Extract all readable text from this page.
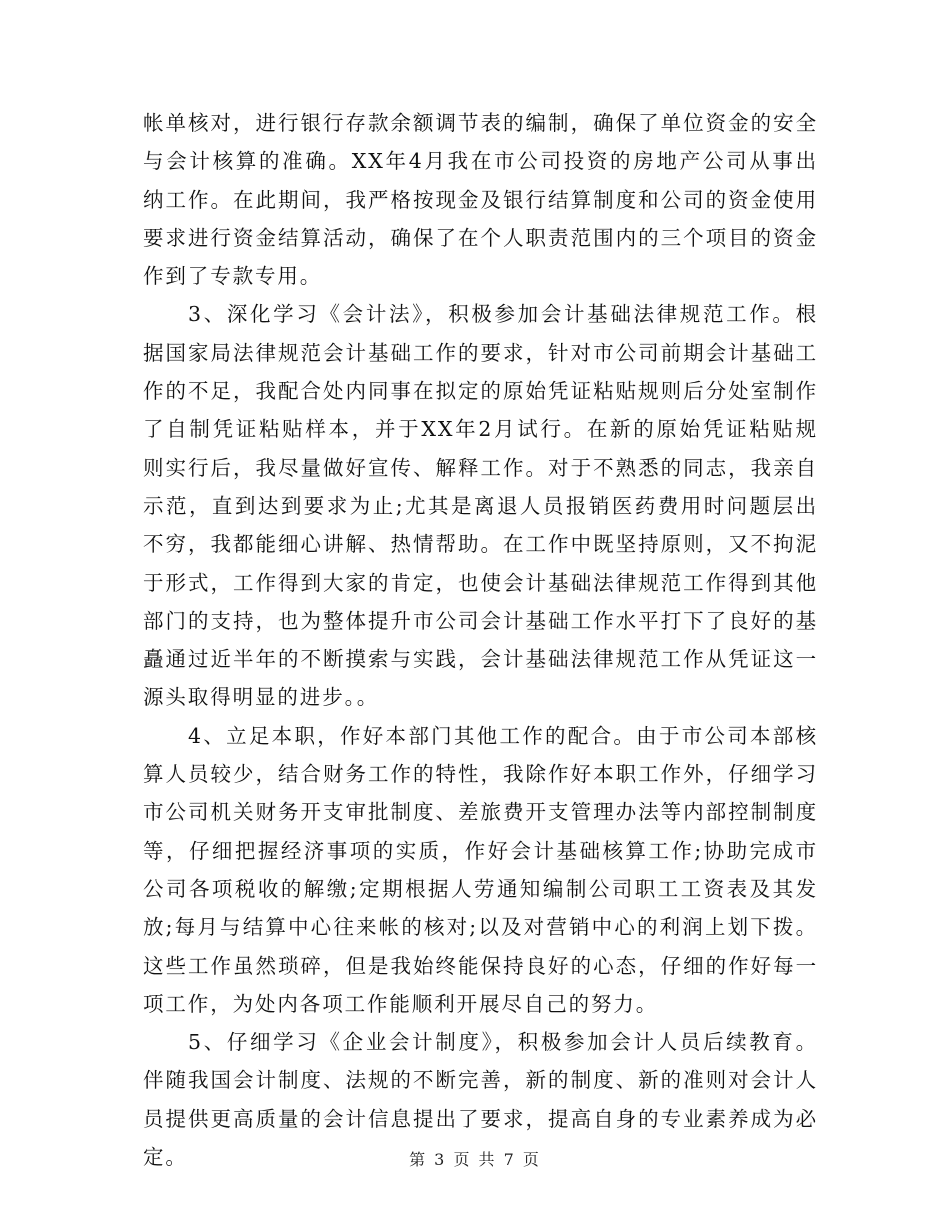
帐单核对，进行银行存款余额调节表的编制，确保了单位资金的安全与会计核算的准确。XX年4月我在市公司投资的房地产公司从事出纳工作。在此期间，我严格按现金及银行结算制度和公司的资金使用要求进行资金结算活动，确保了在个人职责范围内的三个项目的资金作到了专款专用。

3、深化学习《会计法》，积极参加会计基础法律规范工作。根据国家局法律规范会计基础工作的要求，针对市公司前期会计基础工作的不足，我配合处内同事在拟定的原始凭证粘贴规则后分处室制作了自制凭证粘贴样本，并于XX年2月试行。在新的原始凭证粘贴规则实行后，我尽量做好宣传、解释工作。对于不熟悉的同志，我亲自示范，直到达到要求为止;尤其是离退人员报销医药费用时问题层出不穷，我都能细心讲解、热情帮助。在工作中既坚持原则，又不拘泥于形式，工作得到大家的肯定，也使会计基础法律规范工作得到其他部门的支持，也为整体提升市公司会计基础工作水平打下了良好的基矗通过近半年的不断摸索与实践，会计基础法律规范工作从凭证这一源头取得明显的进步。。

4、立足本职，作好本部门其他工作的配合。由于市公司本部核算人员较少，结合财务工作的特性，我除作好本职工作外，仔细学习市公司机关财务开支审批制度、差旅费开支管理办法等内部控制制度等，仔细把握经济事项的实质，作好会计基础核算工作;协助完成市公司各项税收的解缴;定期根据人劳通知编制公司职工工资表及其发放;每月与结算中心往来帐的核对;以及对营销中心的利润上划下拨。这些工作虽然琐碎，但是我始终能保持良好的心态，仔细的作好每一项工作，为处内各项工作能顺利开展尽自己的努力。

5、仔细学习《企业会计制度》，积极参加会计人员后续教育。伴随我国会计制度、法规的不断完善，新的制度、新的准则对会计人员提供更高质量的会计信息提出了要求，提高自身的专业素养成为必定。	第 3 页 共 7 页
